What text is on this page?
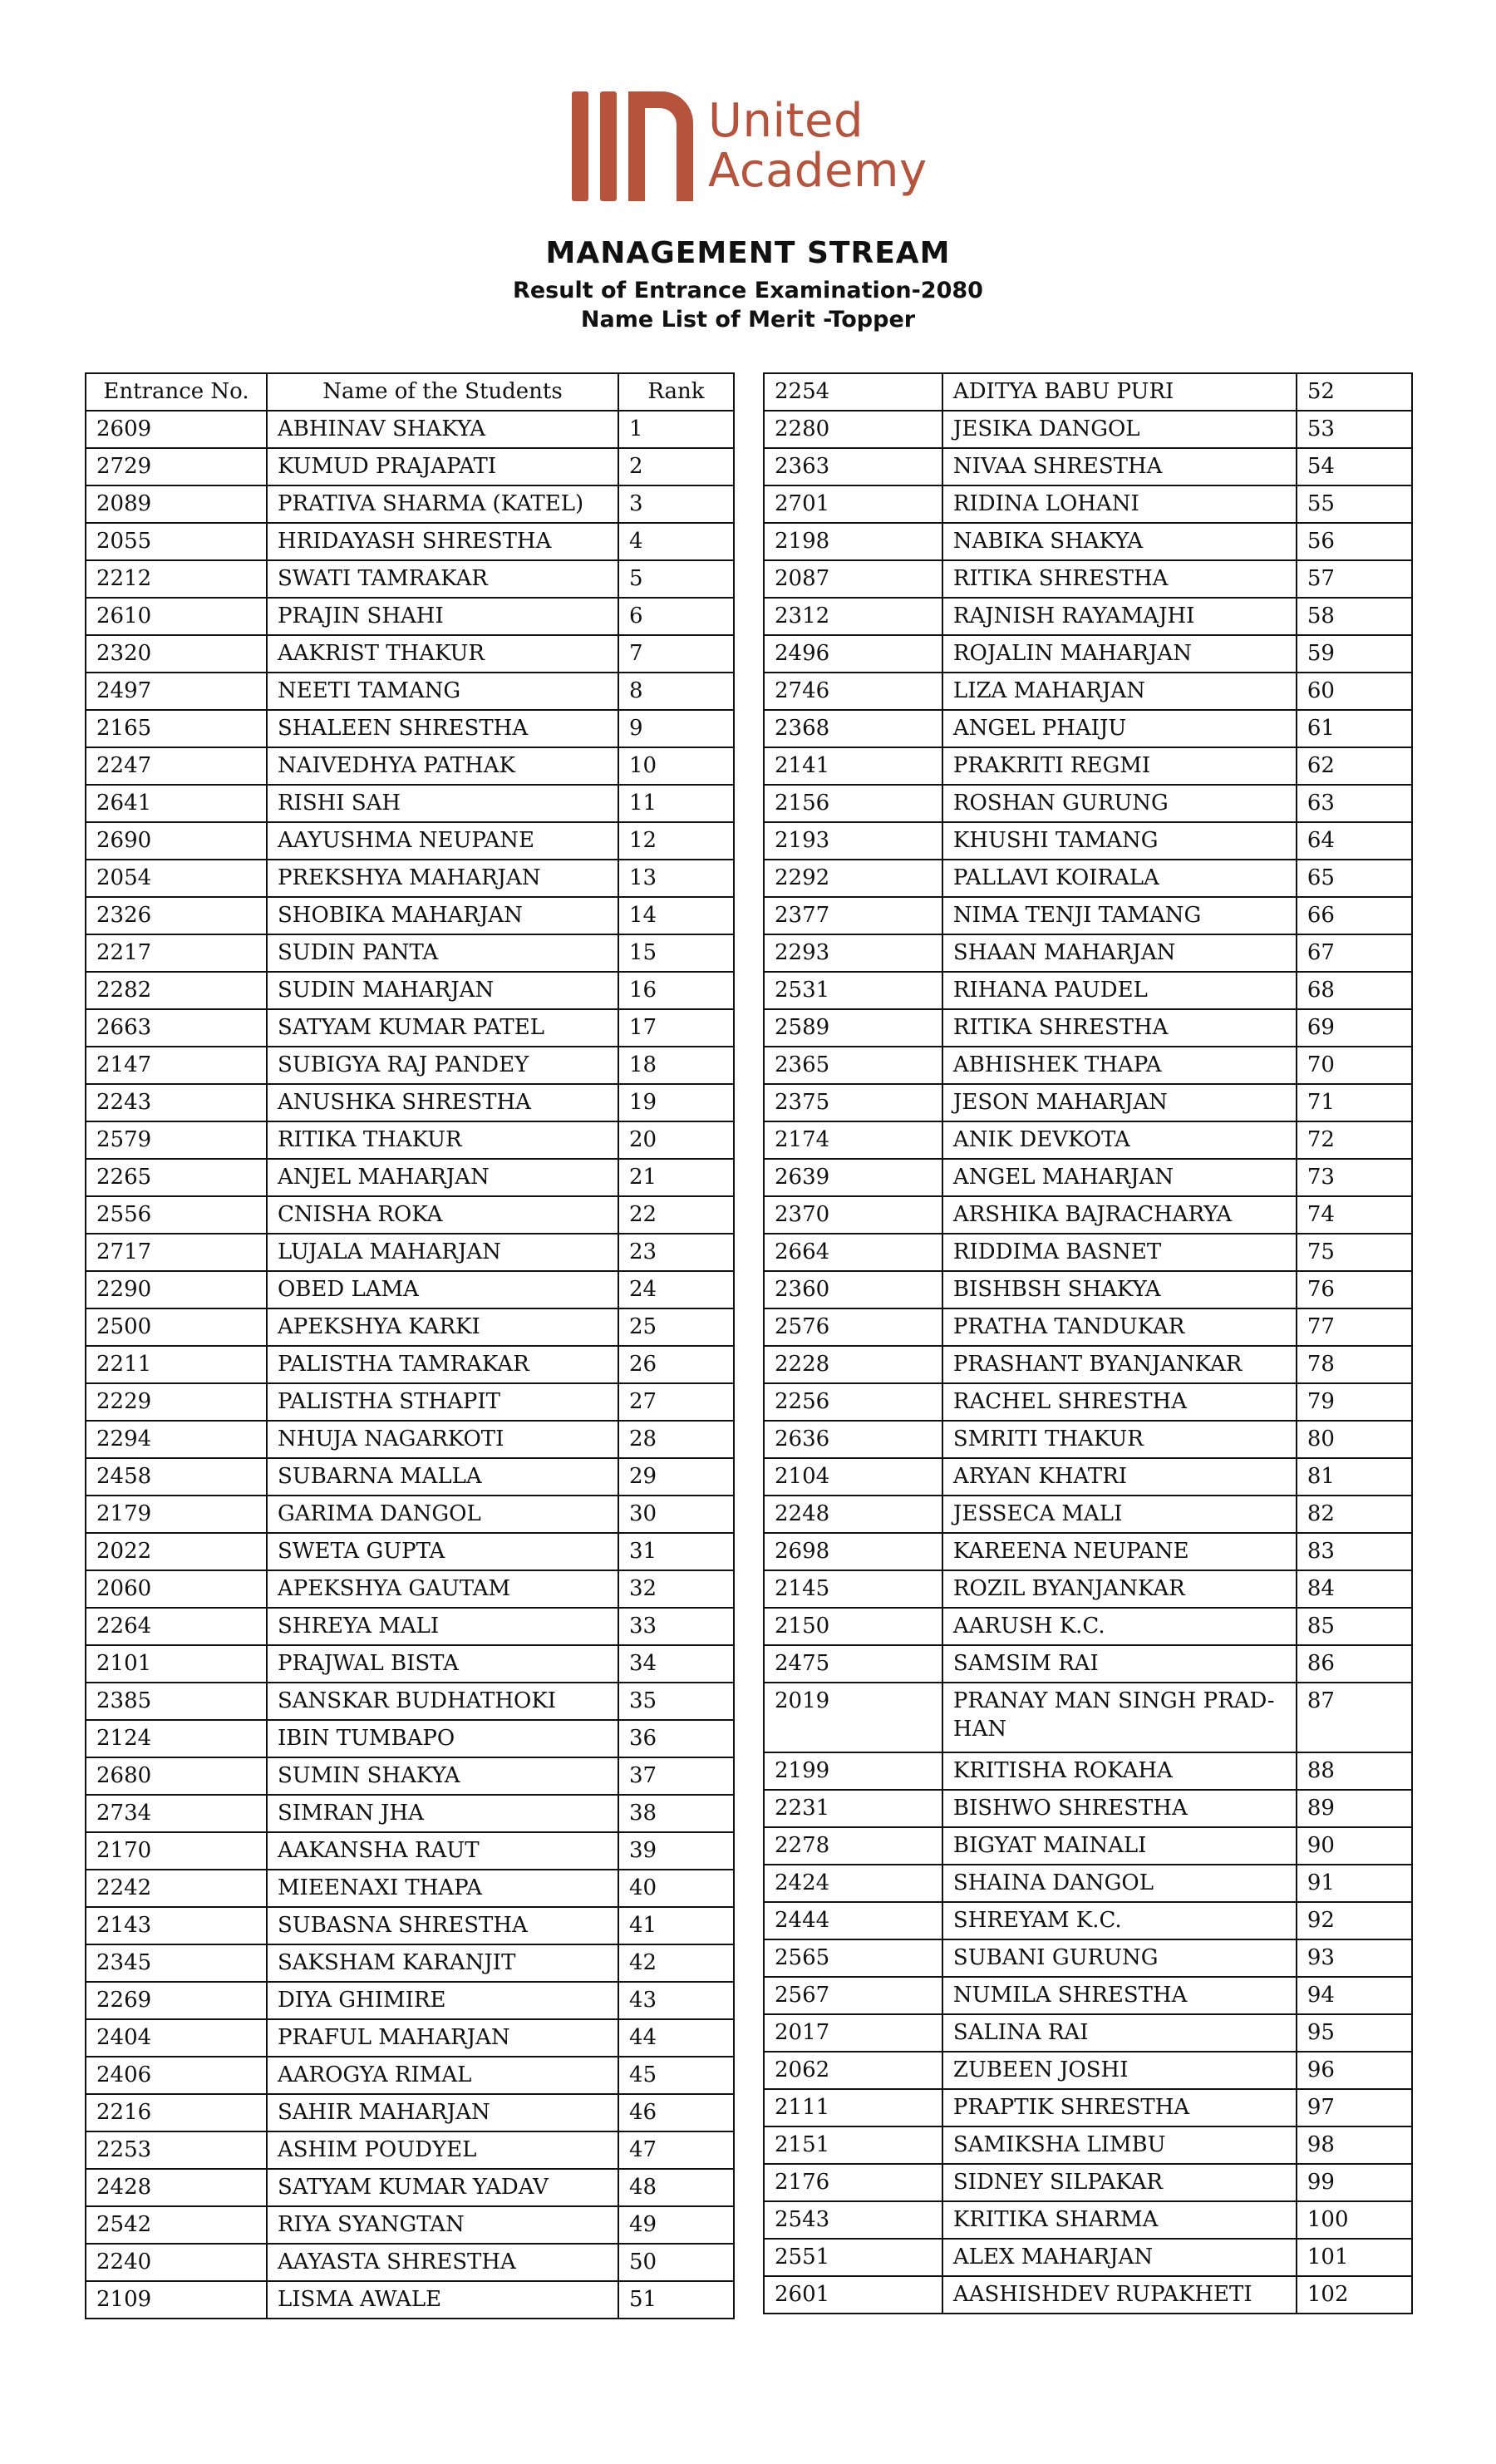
United
Academy
MANAGEMENT STREAM
Result of Entrance Examination-2080
Name List of Merit -Topper
Entrance No.	Name of the Students	Rank
2609	ABHINAV SHAKYA	1
2729	KUMUD PRAJAPATI	2
2089	PRATIVA SHARMA (KATEL)	3
2055	HRIDAYASH SHRESTHA	4
2212	SWATI TAMRAKAR	5
2610	PRAJIN SHAHI	6
2320	AAKRIST THAKUR	7
2497	NEETI TAMANG	8
2165	SHALEEN SHRESTHA	9
2247	NAIVEDHYA PATHAK	10
2641	RISHI SAH	11
2690	AAYUSHMA NEUPANE	12
2054	PREKSHYA MAHARJAN	13
2326	SHOBIKA MAHARJAN	14
2217	SUDIN PANTA	15
2282	SUDIN MAHARJAN	16
2663	SATYAM KUMAR PATEL	17
2147	SUBIGYA RAJ PANDEY	18
2243	ANUSHKA SHRESTHA	19
2579	RITIKA THAKUR	20
2265	ANJEL MAHARJAN	21
2556	CNISHA ROKA	22
2717	LUJALA MAHARJAN	23
2290	OBED LAMA	24
2500	APEKSHYA KARKI	25
2211	PALISTHA TAMRAKAR	26
2229	PALISTHA STHAPIT	27
2294	NHUJA NAGARKOTI	28
2458	SUBARNA MALLA	29
2179	GARIMA DANGOL	30
2022	SWETA GUPTA	31
2060	APEKSHYA GAUTAM	32
2264	SHREYA MALI	33
2101	PRAJWAL BISTA	34
2385	SANSKAR BUDHATHOKI	35
2124	IBIN TUMBAPO	36
2680	SUMIN SHAKYA	37
2734	SIMRAN JHA	38
2170	AAKANSHA RAUT	39
2242	MIEENAXI THAPA	40
2143	SUBASNA SHRESTHA	41
2345	SAKSHAM KARANJIT	42
2269	DIYA GHIMIRE	43
2404	PRAFUL MAHARJAN	44
2406	AAROGYA RIMAL	45
2216	SAHIR MAHARJAN	46
2253	ASHIM POUDYEL	47
2428	SATYAM KUMAR YADAV	48
2542	RIYA SYANGTAN	49
2240	AAYASTA SHRESTHA	50
2109	LISMA AWALE	51
2254	ADITYA BABU PURI	52
2280	JESIKA DANGOL	53
2363	NIVAA SHRESTHA	54
2701	RIDINA LOHANI	55
2198	NABIKA SHAKYA	56
2087	RITIKA SHRESTHA	57
2312	RAJNISH RAYAMAJHI	58
2496	ROJALIN MAHARJAN	59
2746	LIZA MAHARJAN	60
2368	ANGEL PHAIJU	61
2141	PRAKRITI REGMI	62
2156	ROSHAN GURUNG	63
2193	KHUSHI TAMANG	64
2292	PALLAVI KOIRALA	65
2377	NIMA TENJI TAMANG	66
2293	SHAAN MAHARJAN	67
2531	RIHANA PAUDEL	68
2589	RITIKA SHRESTHA	69
2365	ABHISHEK THAPA	70
2375	JESON MAHARJAN	71
2174	ANIK DEVKOTA	72
2639	ANGEL MAHARJAN	73
2370	ARSHIKA BAJRACHARYA	74
2664	RIDDIMA BASNET	75
2360	BISHBSH SHAKYA	76
2576	PRATHA TANDUKAR	77
2228	PRASHANT BYANJANKAR	78
2256	RACHEL SHRESTHA	79
2636	SMRITI THAKUR	80
2104	ARYAN KHATRI	81
2248	JESSECA MALI	82
2698	KAREENA NEUPANE	83
2145	ROZIL BYANJANKAR	84
2150	AARUSH K.C.	85
2475	SAMSIM RAI	86
2019	PRANAY MAN SINGH PRAD-HAN	87
2199	KRITISHA ROKAHA	88
2231	BISHWO SHRESTHA	89
2278	BIGYAT MAINALI	90
2424	SHAINA DANGOL	91
2444	SHREYAM K.C.	92
2565	SUBANI GURUNG	93
2567	NUMILA SHRESTHA	94
2017	SALINA RAI	95
2062	ZUBEEN JOSHI	96
2111	PRAPTIK SHRESTHA	97
2151	SAMIKSHA LIMBU	98
2176	SIDNEY SILPAKAR	99
2543	KRITIKA SHARMA	100
2551	ALEX MAHARJAN	101
2601	AASHISHDEV RUPAKHETI	102
